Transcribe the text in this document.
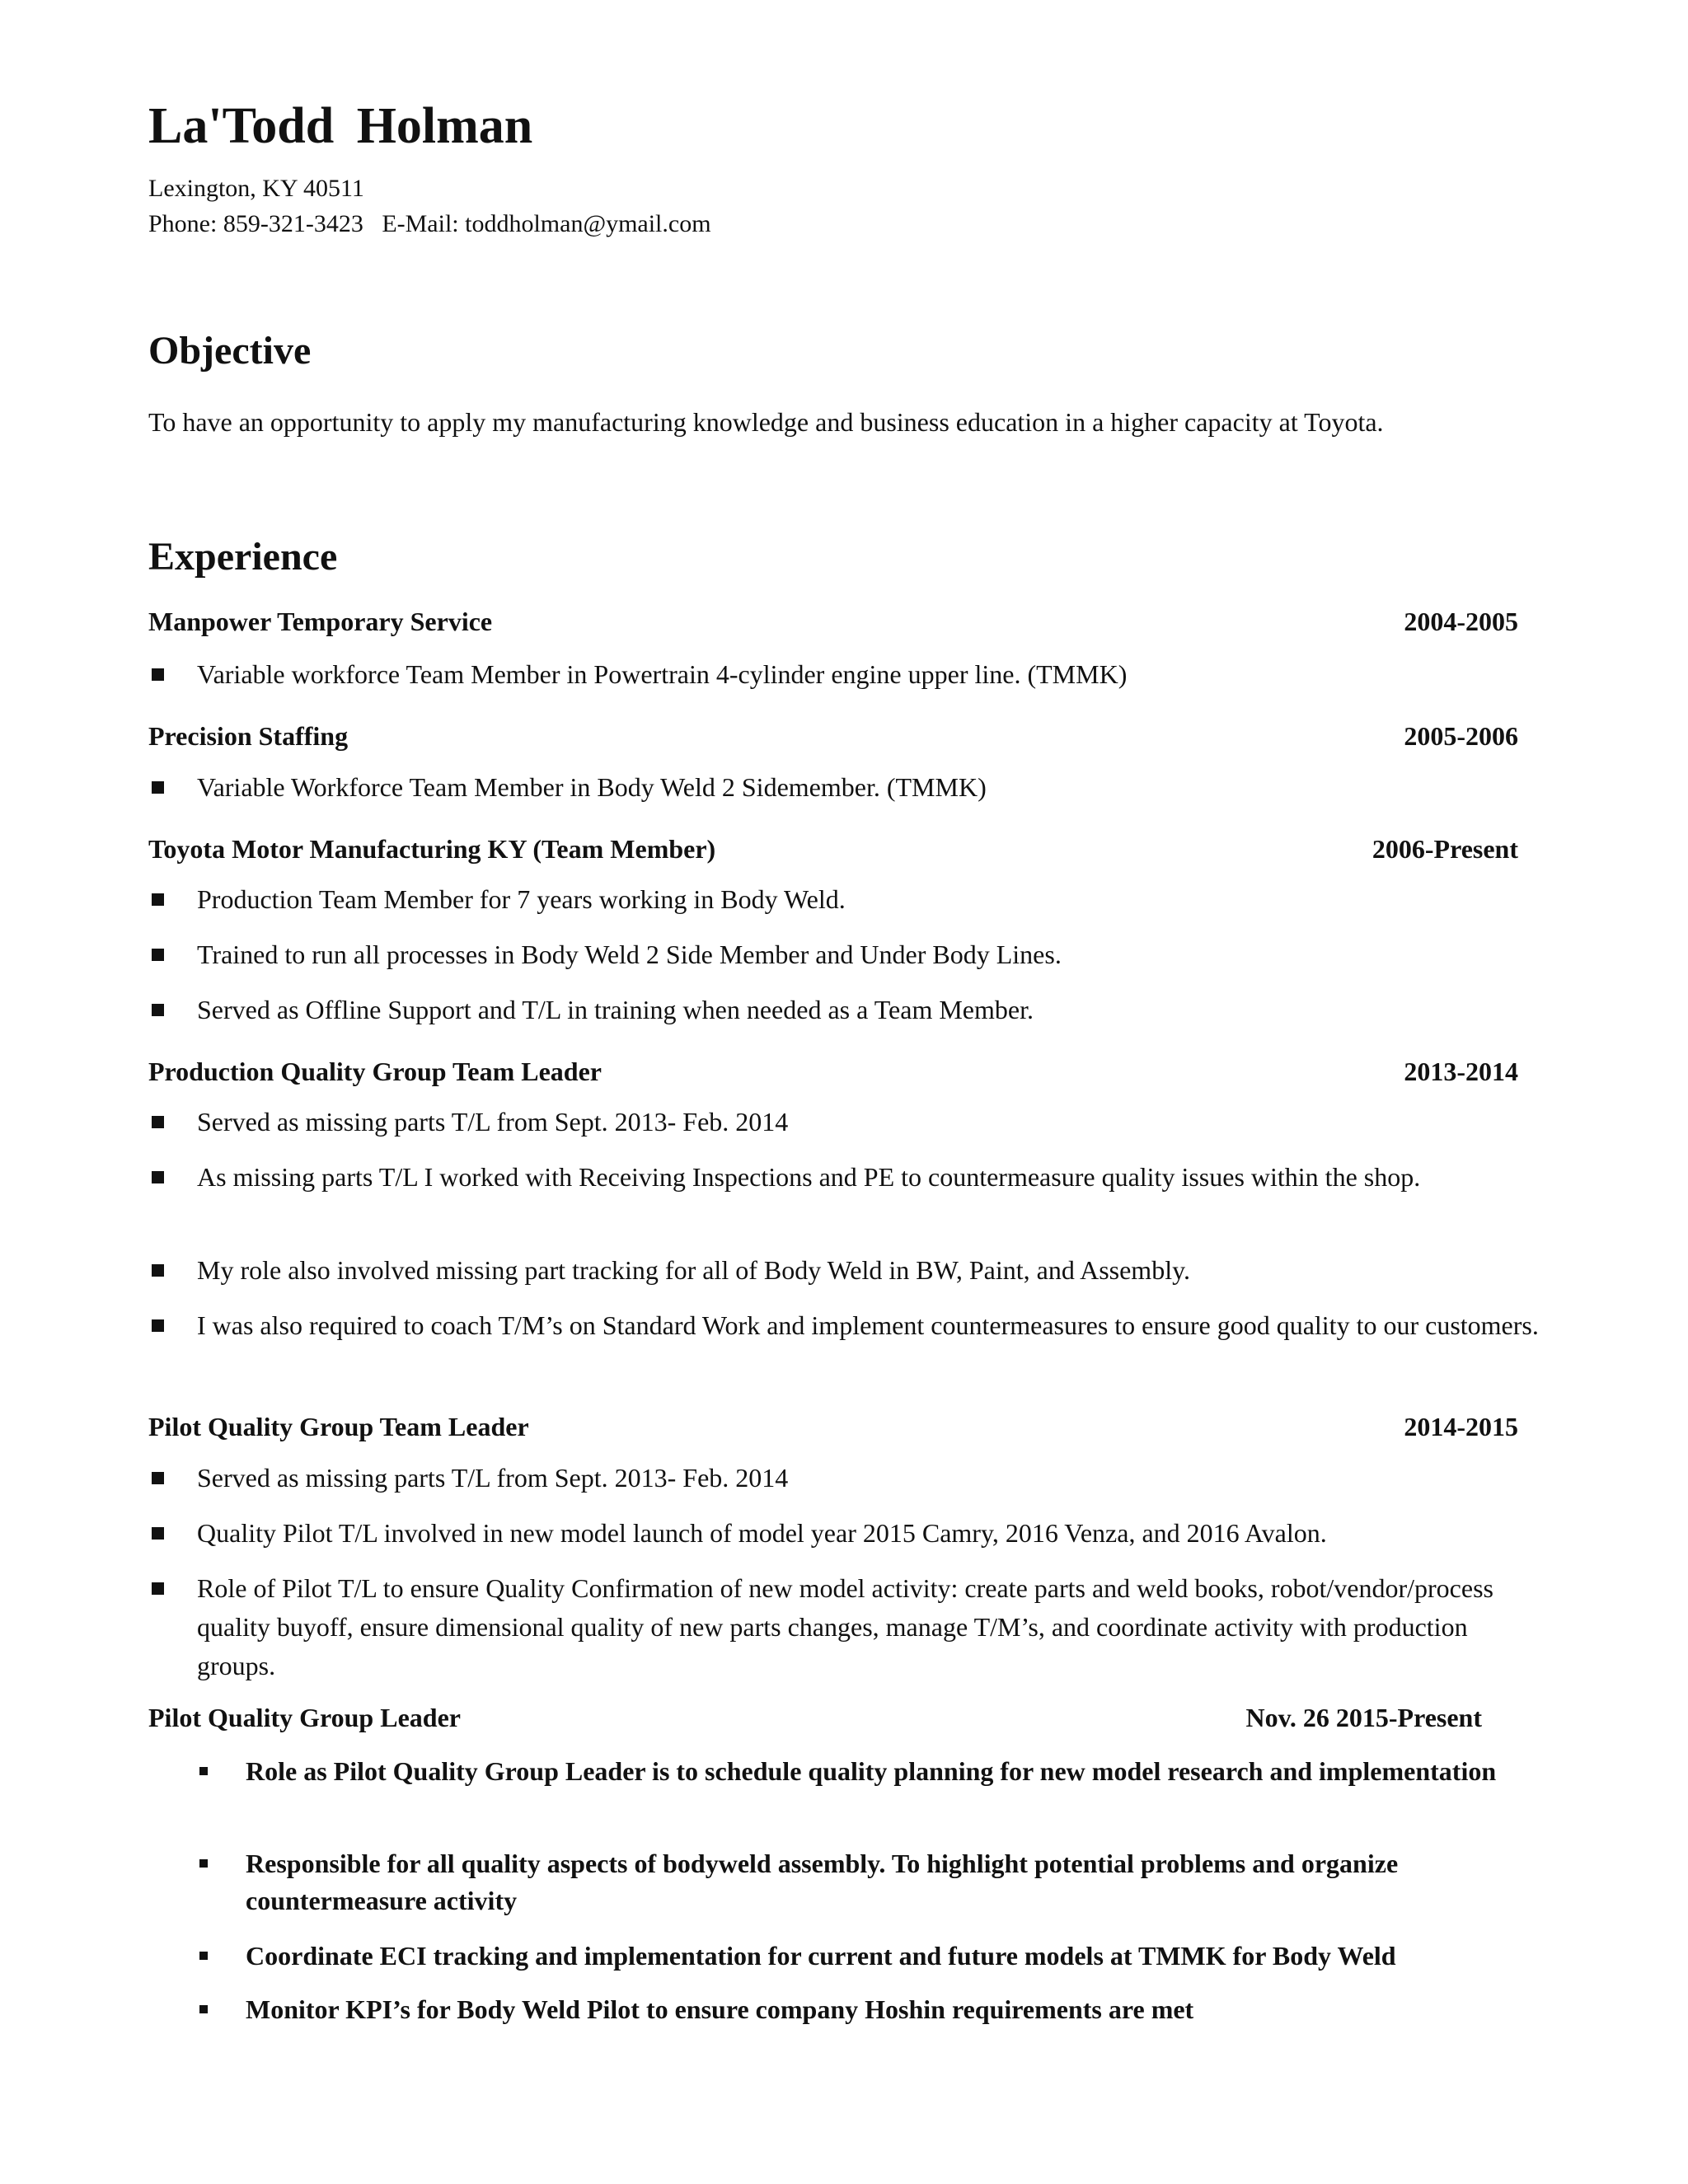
La'Todd Holman
Lexington, KY 40511
Phone: 859-321-3423   E-Mail: toddholman@ymail.com
Objective
To have an opportunity to apply my manufacturing knowledge and business education in a higher capacity at Toyota.
Experience
Manpower Temporary Service	2004-2005
Variable workforce Team Member in Powertrain 4-cylinder engine upper line. (TMMK)
Precision Staffing	2005-2006
Variable Workforce Team Member in Body Weld 2 Sidemember. (TMMK)
Toyota Motor Manufacturing KY (Team Member)	2006-Present
Production Team Member for 7 years working in Body Weld.
Trained to run all processes in Body Weld 2 Side Member and Under Body Lines.
Served as Offline Support and T/L in training when needed as a Team Member.
Production Quality Group Team Leader	2013-2014
Served as missing parts T/L from Sept. 2013- Feb. 2014
As missing parts T/L I worked with Receiving Inspections and PE to countermeasure quality issues within the shop.
My role also involved missing part tracking for all of Body Weld in BW, Paint, and Assembly.
I was also required to coach T/M’s on Standard Work and implement countermeasures to ensure good quality to our customers.
Pilot Quality Group Team Leader	2014-2015
Served as missing parts T/L from Sept. 2013- Feb. 2014
Quality Pilot T/L involved in new model launch of model year 2015 Camry, 2016 Venza, and 2016 Avalon.
Role of Pilot T/L to ensure Quality Confirmation of new model activity: create parts and weld books, robot/vendor/process quality buyoff, ensure dimensional quality of new parts changes, manage T/M’s, and coordinate activity with production groups.
Pilot Quality Group Leader	Nov. 26 2015-Present
Role as Pilot Quality Group Leader is to schedule quality planning for new model research and implementation
Responsible for all quality aspects of bodyweld assembly. To highlight potential problems and organize countermeasure activity
Coordinate ECI tracking and implementation for current and future models at TMMK for Body Weld
Monitor KPI’s for Body Weld Pilot to ensure company Hoshin requirements are met
